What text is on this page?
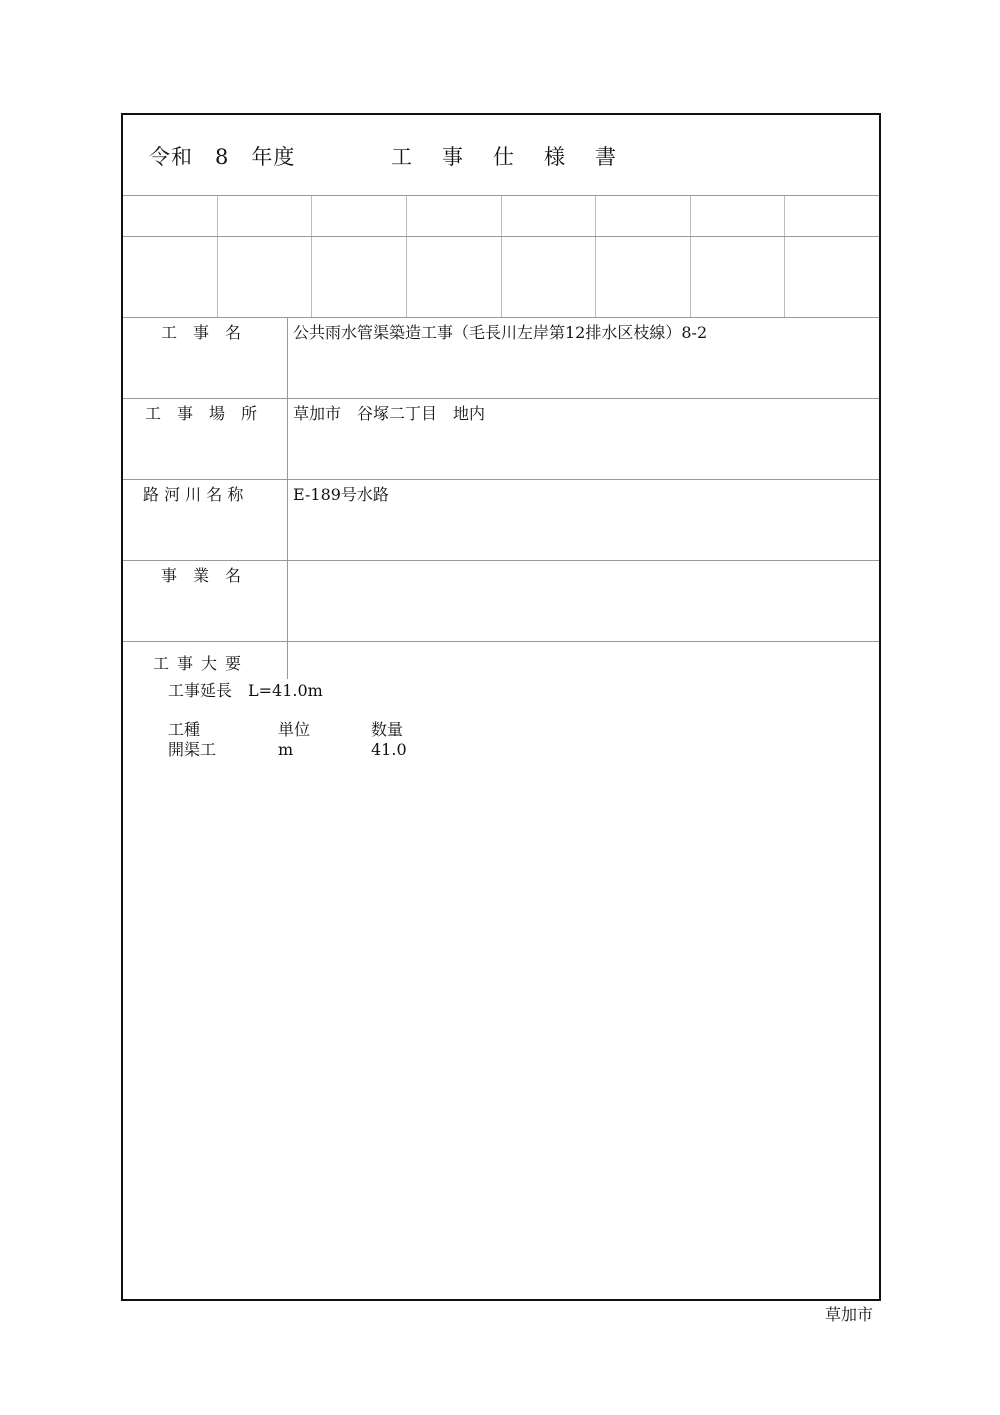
令和　8　年度	工事仕様書
工　事　名	公共雨水管渠築造工事（毛長川左岸第12排水区枝線）8-2
工　事　場　所 草加市　谷塚二丁目　地内
路 河 川 名 称	E-189号水路
事　業　名
工事大要
工事延長　L=41.0m
工種	単位	数量
開渠工	m	41.0
草加市
